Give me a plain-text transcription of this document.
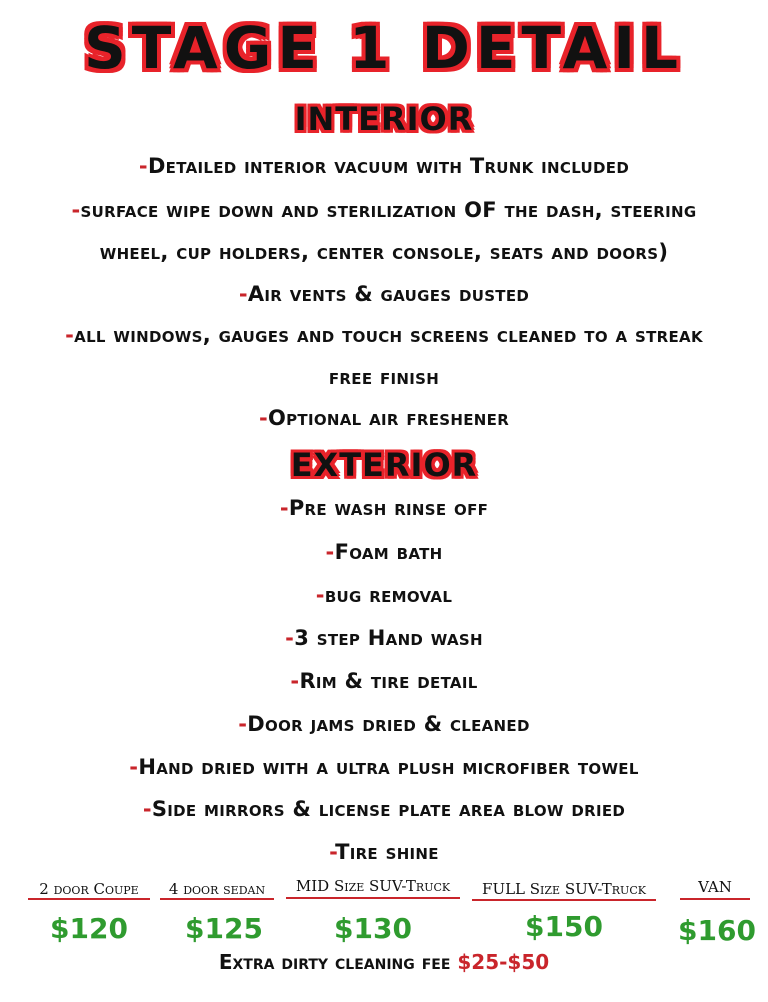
STAGE 1 DETAIL
INTERIOR
-Detailed interior vacuum with Trunk included
-surface wipe down and sterilization OF the dash, steering
wheel, cup holders, center console, seats and doors)
-Air vents & gauges dusted
-all windows, gauges and touch screens cleaned to a streak
free finish
-Optional air freshener
EXTERIOR
-Pre wash rinse off
-Foam bath
-bug removal
-3 step Hand wash
-Rim & tire detail
-Door jams dried & cleaned
-Hand dried with a ultra plush microfiber towel
-Side mirrors & license plate area blow dried
-Tire shine
2 door Coupe
$120
4 door sedan
$125
MID Size SUV-Truck
$130
FULL Size SUV-Truck
$150
VAN
$160
Extra dirty cleaning fee $25-$50
